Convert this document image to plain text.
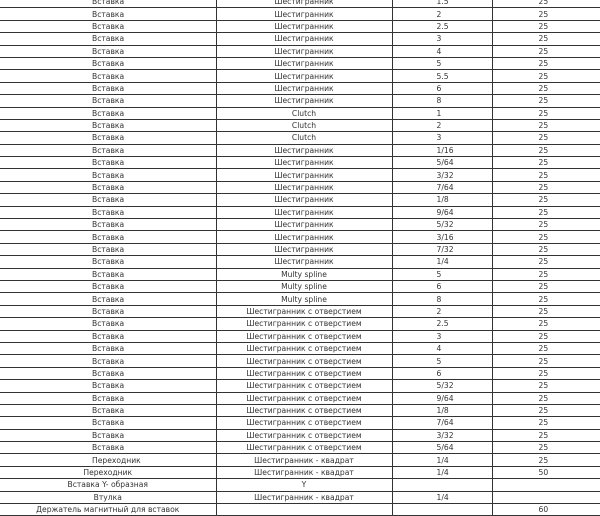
Вставка	Шестигранник	1.5	25
Вставка	Шестигранник	2	25
Вставка	Шестигранник	2.5	25
Вставка	Шестигранник	3	25
Вставка	Шестигранник	4	25
Вставка	Шестигранник	5	25
Вставка	Шестигранник	5.5	25
Вставка	Шестигранник	6	25
Вставка	Шестигранник	8	25
Вставка	Clutch	1	25
Вставка	Clutch	2	25
Вставка	Clutch	3	25
Вставка	Шестигранник	1/16	25
Вставка	Шестигранник	5/64	25
Вставка	Шестигранник	3/32	25
Вставка	Шестигранник	7/64	25
Вставка	Шестигранник	1/8	25
Вставка	Шестигранник	9/64	25
Вставка	Шестигранник	5/32	25
Вставка	Шестигранник	3/16	25
Вставка	Шестигранник	7/32	25
Вставка	Шестигранник	1/4	25
Вставка	Multy spline	5	25
Вставка	Multy spline	6	25
Вставка	Multy spline	8	25
Вставка	Шестигранник с отверстием	2	25
Вставка	Шестигранник с отверстием	2.5	25
Вставка	Шестигранник с отверстием	3	25
Вставка	Шестигранник с отверстием	4	25
Вставка	Шестигранник с отверстием	5	25
Вставка	Шестигранник с отверстием	6	25
Вставка	Шестигранник с отверстием	5/32	25
Вставка	Шестигранник с отверстием	9/64	25
Вставка	Шестигранник с отверстием	1/8	25
Вставка	Шестигранник с отверстием	7/64	25
Вставка	Шестигранник с отверстием	3/32	25
Вставка	Шестигранник с отверстием	5/64	25
Переходник	Шестигранник - квадрат	1/4	25
Переходник	Шестигранник - квадрат	1/4	50
Вставка Y- образная	Y		
Втулка	Шестигранник - квадрат	1/4	
Держатель магнитный для вставок			60
